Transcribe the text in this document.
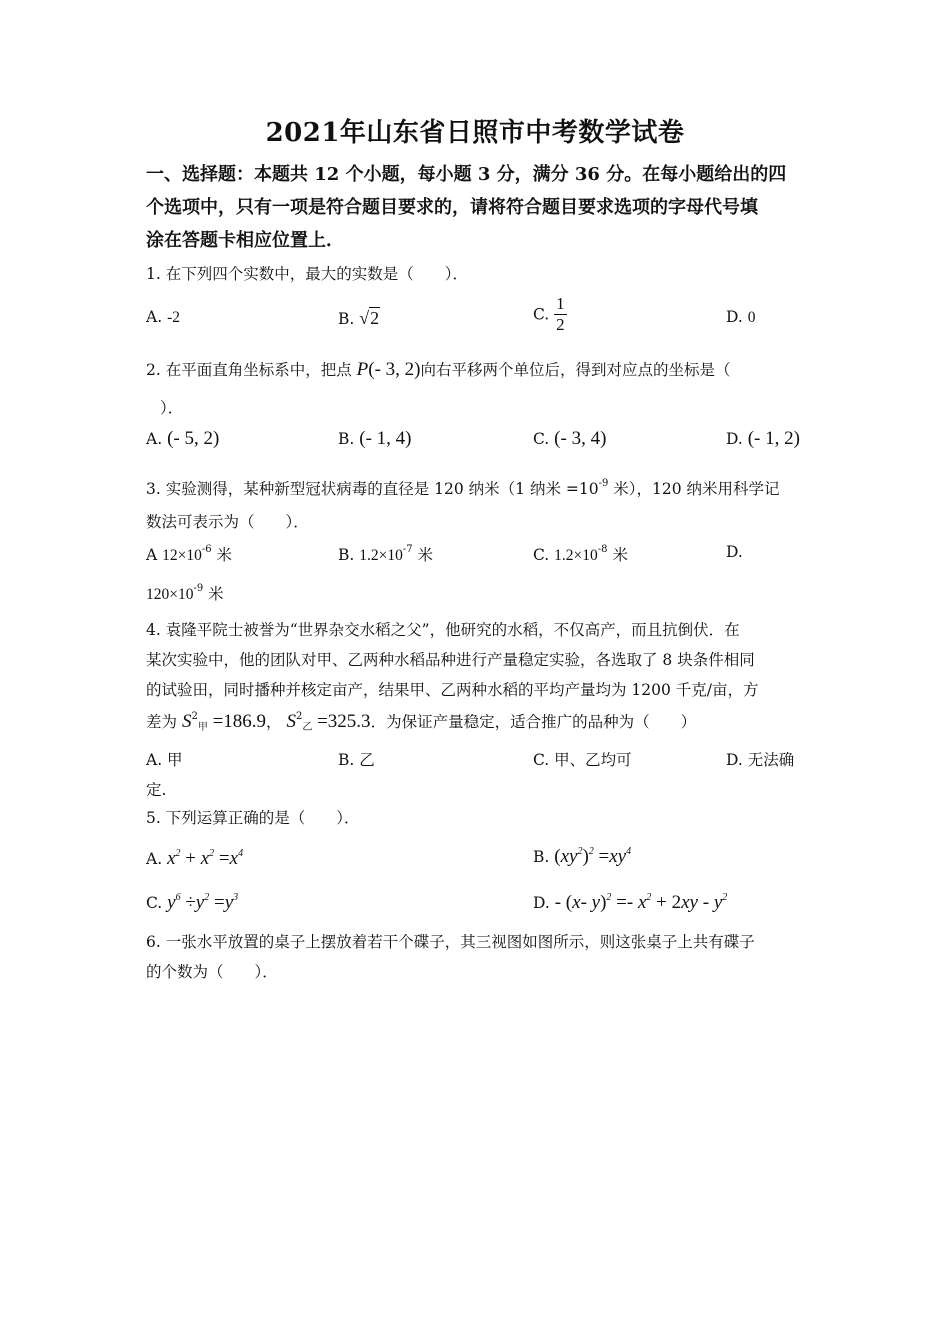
2021年山东省日照市中考数学试卷
一、选择题：本题共 12 个小题，每小题 3 分，满分 36 分。在每小题给出的四
个选项中，只有一项是符合题目要求的，请将符合题目要求选项的字母代号填
涂在答题卡相应位置上．
1. 在下列四个实数中，最大的实数是（　　）．
A. -2	B. √2	C. $\frac{1}{2}$	D. 0
2. 在平面直角坐标系中，把点 P(- 3, 2)向右平移两个单位后，得到对应点的坐标是（
）．
A. (- 5, 2)	B. (- 1, 4)	C. (- 3, 4)	D. (- 1, 2)
3. 实验测得，某种新型冠状病毒的直径是 120 纳米（1 纳米 $=10^{-9}$ 米），120 纳米用科学记
数法可表示为（　　）．
A $12\times 10^{-6}$ 米	B. $1.2\times 10^{-7}$ 米	C. $1.2\times 10^{-8}$ 米	D.
$120\times 10^{-9}$ 米
4. 袁隆平院士被誉为“世界杂交水稻之父”，他研究的水稻，不仅高产，而且抗倒伏．在
某次实验中，他的团队对甲、乙两种水稻品种进行产量稳定实验，各选取了 8 块条件相同
的试验田，同时播种并核定亩产，结果甲、乙两种水稻的平均产量均为 1200 千克/亩，方
差为 $S^2_甲 =186.9$， $S^2_乙 =325.3$．为保证产量稳定，适合推广的品种为（　　）
A. 甲	B. 乙	C. 甲、乙均可	D. 无法确
定.
5. 下列运算正确的是（　　）．
A. $x^2 + x^2 =x^4$	B. $(xy^2)^2 =xy^4$
C. $y^6 \div y^2 =y^3$	D. - (x- $y)^2 =- x^2 + 2xy - y^2$
6. 一张水平放置的桌子上摆放着若干个碟子，其三视图如图所示，则这张桌子上共有碟子
的个数为（　　）．
